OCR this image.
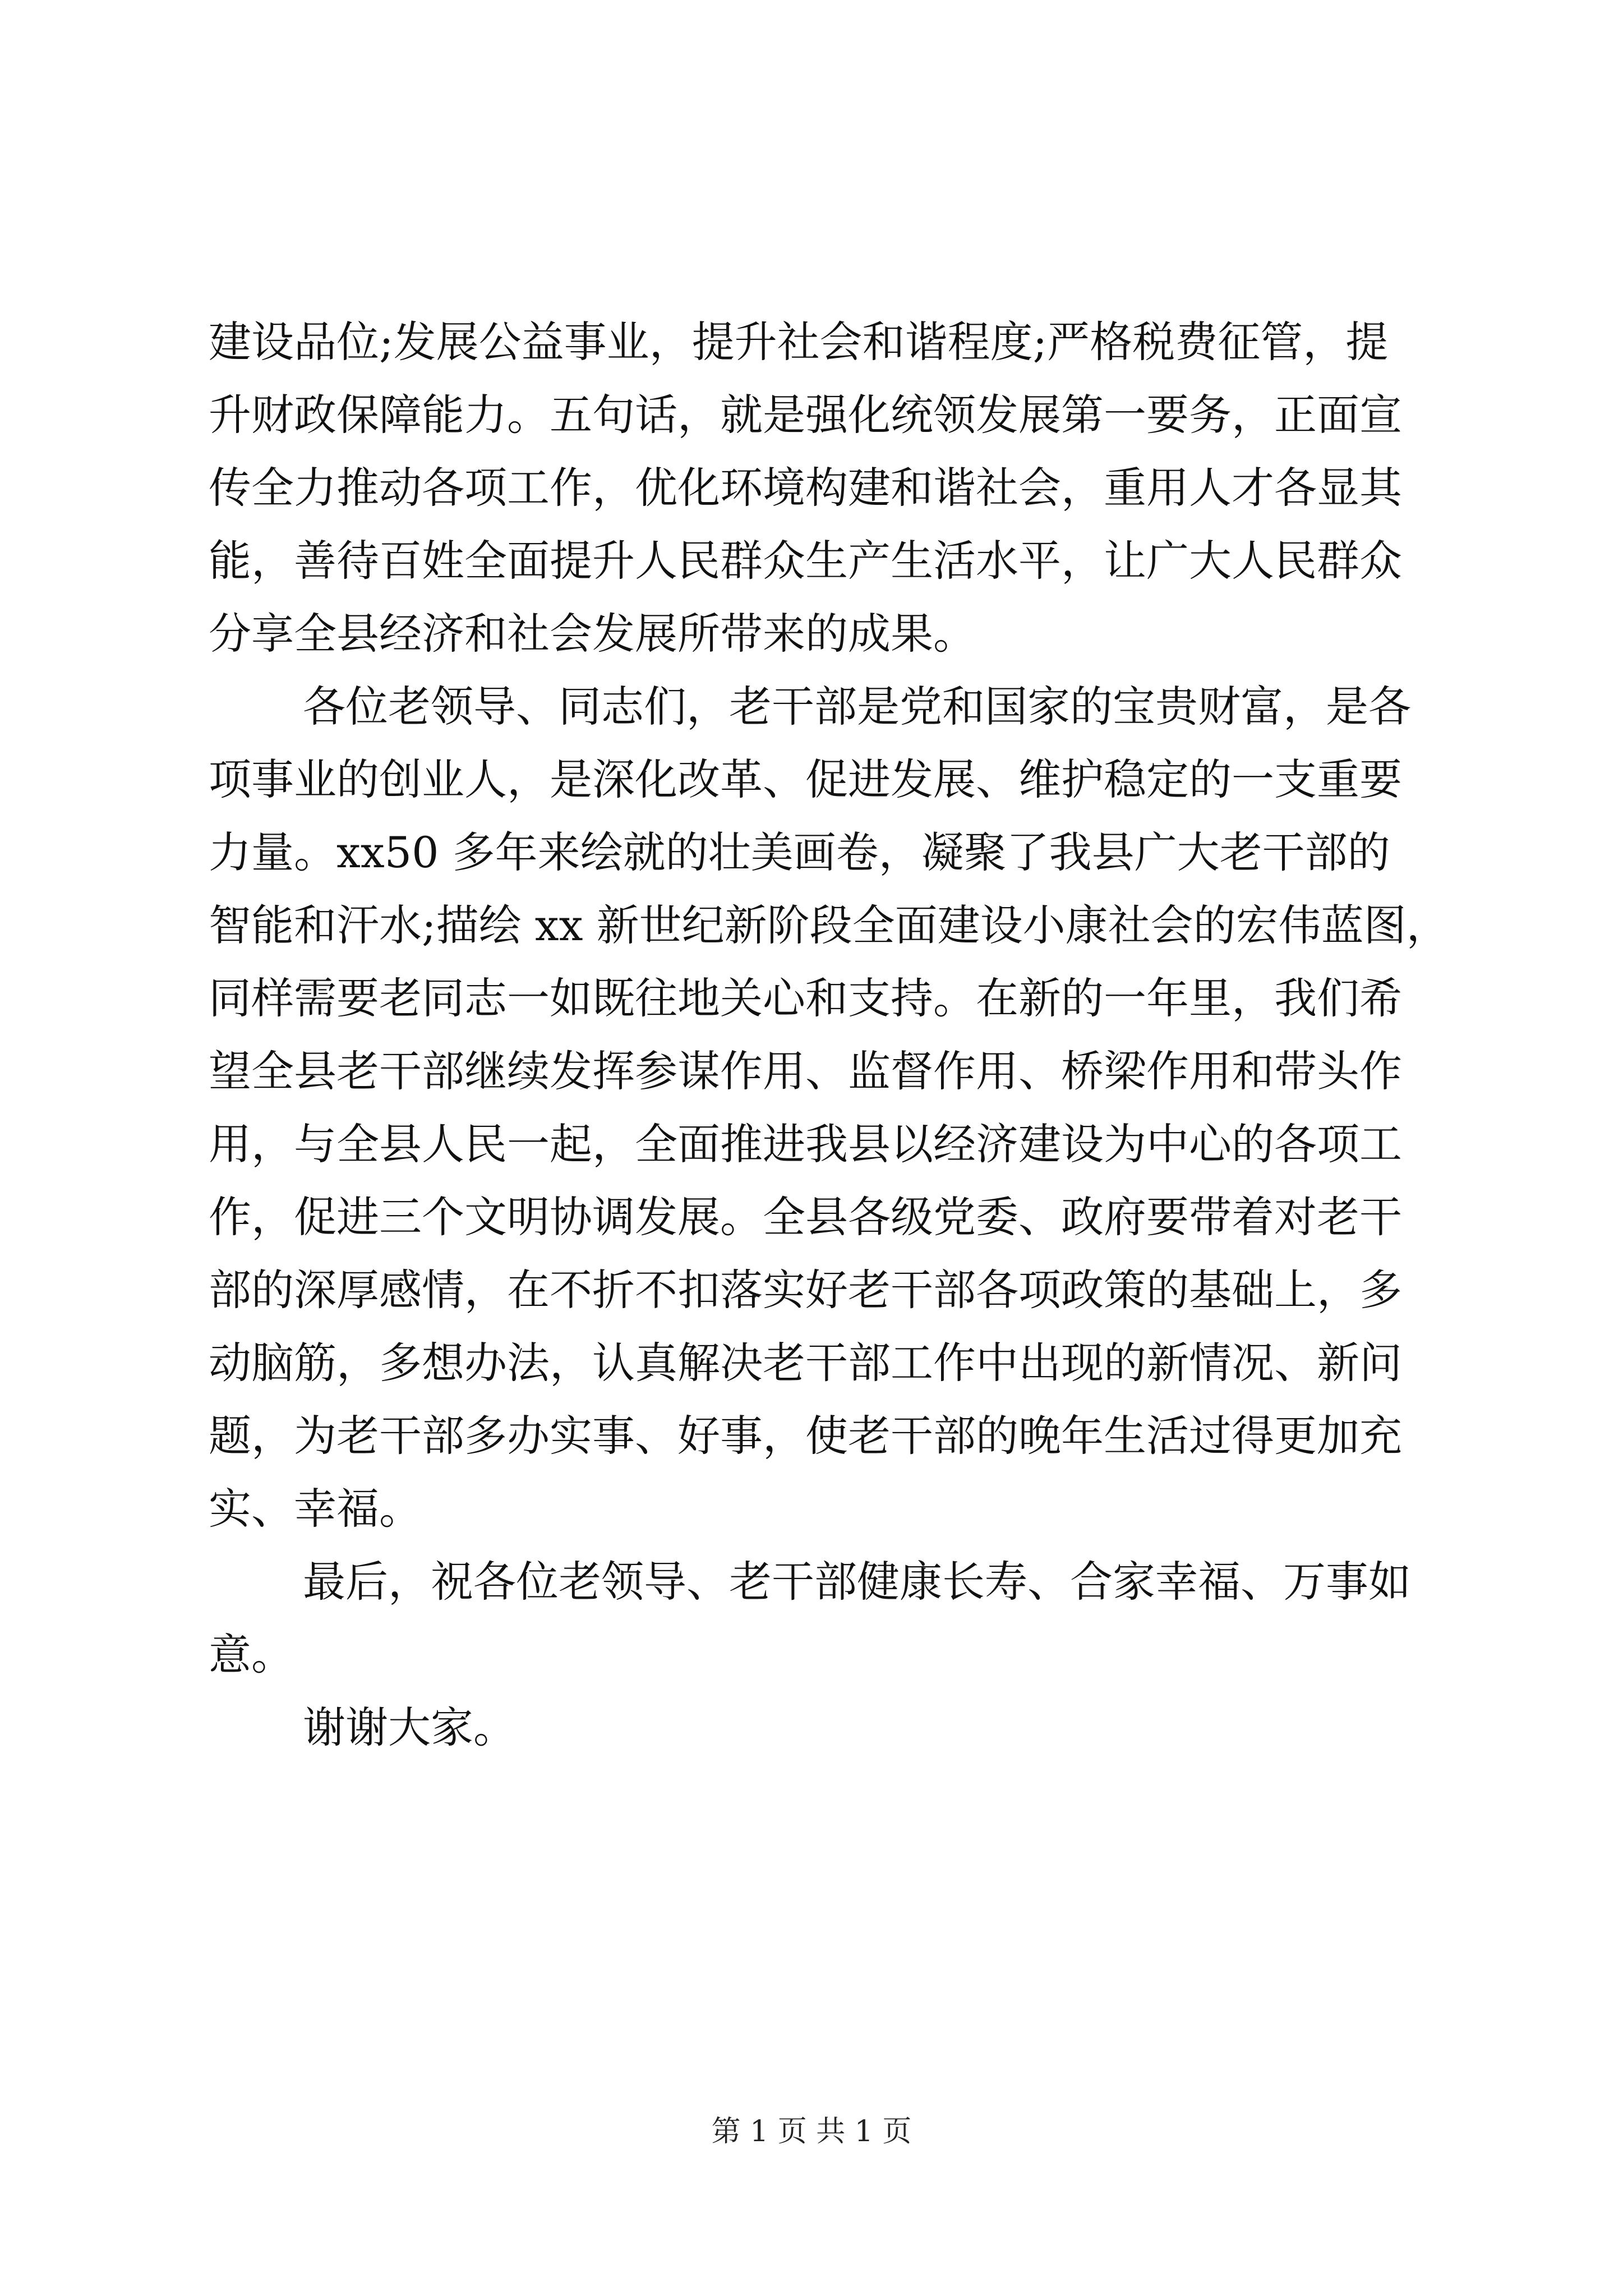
建设品位;发展公益事业，提升社会和谐程度;严格税费征管，提
升财政保障能力。五句话，就是强化统领发展第一要务，正面宣
传全力推动各项工作，优化环境构建和谐社会，重用人才各显其
能，善待百姓全面提升人民群众生产生活水平，让广大人民群众
分享全县经济和社会发展所带来的成果。
各位老领导、同志们，老干部是党和国家的宝贵财富，是各
项事业的创业人，是深化改革、促进发展、维护稳定的一支重要
力量。xx50 多年来绘就的壮美画卷，凝聚了我县广大老干部的
智能和汗水;描绘 xx 新世纪新阶段全面建设小康社会的宏伟蓝图，
同样需要老同志一如既往地关心和支持。在新的一年里，我们希
望全县老干部继续发挥参谋作用、监督作用、桥梁作用和带头作
用，与全县人民一起，全面推进我县以经济建设为中心的各项工
作，促进三个文明协调发展。全县各级党委、政府要带着对老干
部的深厚感情，在不折不扣落实好老干部各项政策的基础上，多
动脑筋，多想办法，认真解决老干部工作中出现的新情况、新问
题，为老干部多办实事、好事，使老干部的晚年生活过得更加充
实、幸福。
最后，祝各位老领导、老干部健康长寿、合家幸福、万事如
意。
谢谢大家。
第 1 页 共 1 页
